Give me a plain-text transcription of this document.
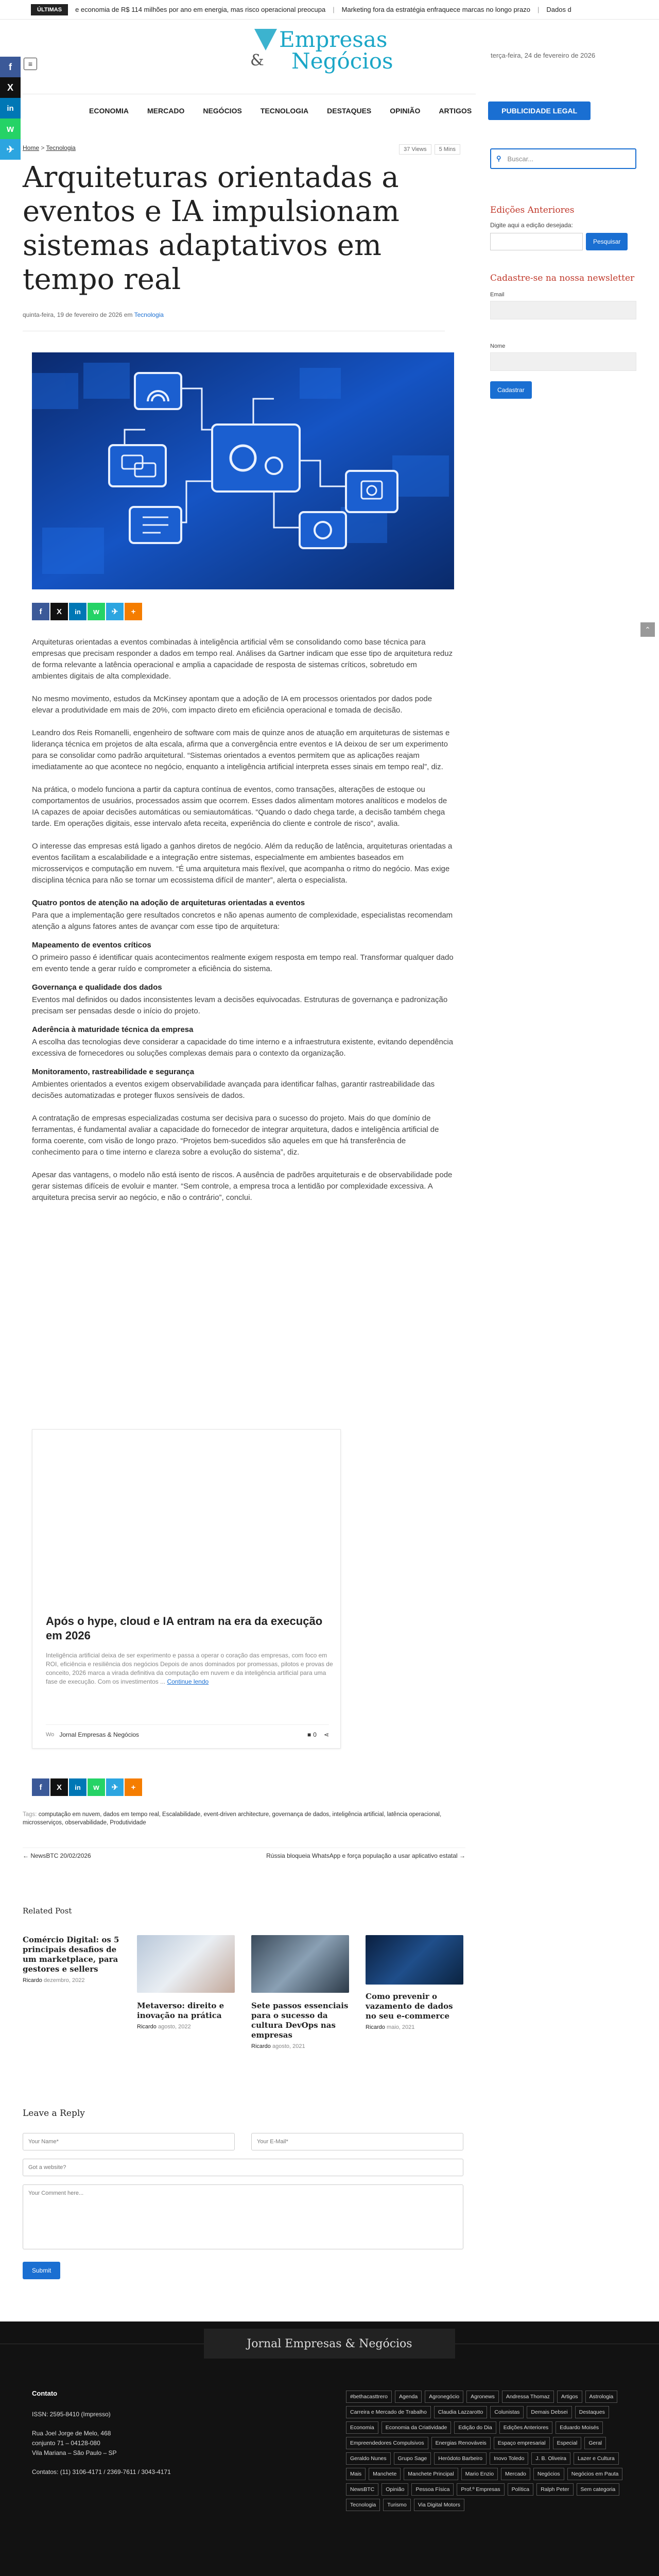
ÚLTIMAS	e economia de R$ 114 milhões por ano em energia, mas risco operacional preocupa | Marketing fora da estratégia enfraquece marcas no longo prazo | Dados d
f
X
in
w
✈
≡
Empresas
& Negócios	terça-feira, 24 de fevereiro de 2026
ECONOMIA	MERCADO	NEGÓCIOS	TECNOLOGIA	DESTAQUES	OPINIÃO	ARTIGOS	PUBLICIDADE LEGAL
Home > Tecnologia	37 Views	5 Mins
Arquiteturas orientadas a eventos e IA impulsionam sistemas adaptativos em tempo real
quinta-feira, 19 de fevereiro de 2026 em Tecnologia
f	X	in	w	✈	+

Arquiteturas orientadas a eventos combinadas à inteligência artificial vêm se consolidando como base técnica para empresas que precisam responder a dados em tempo real. Análises da Gartner indicam que esse tipo de arquitetura reduz de forma relevante a latência operacional e amplia a capacidade de resposta de sistemas críticos, sobretudo em ambientes digitais de alta complexidade.

No mesmo movimento, estudos da McKinsey apontam que a adoção de IA em processos orientados por dados pode elevar a produtividade em mais de 20%, com impacto direto em eficiência operacional e tomada de decisão.

Leandro dos Reis Romanelli, engenheiro de software com mais de quinze anos de atuação em arquiteturas de sistemas e liderança técnica em projetos de alta escala, afirma que a convergência entre eventos e IA deixou de ser um experimento para se consolidar como padrão arquitetural. “Sistemas orientados a eventos permitem que as aplicações reajam imediatamente ao que acontece no negócio, enquanto a inteligência artificial interpreta esses sinais em tempo real”, diz.

Na prática, o modelo funciona a partir da captura contínua de eventos, como transações, alterações de estoque ou comportamentos de usuários, processados assim que ocorrem. Esses dados alimentam motores analíticos e modelos de IA capazes de apoiar decisões automáticas ou semiautomáticas. “Quando o dado chega tarde, a decisão também chega tarde. Em operações digitais, esse intervalo afeta receita, experiência do cliente e controle de risco”, avalia.

O interesse das empresas está ligado a ganhos diretos de negócio. Além da redução de latência, arquiteturas orientadas a eventos facilitam a escalabilidade e a integração entre sistemas, especialmente em ambientes baseados em microsserviços e computação em nuvem. “É uma arquitetura mais flexível, que acompanha o ritmo do negócio. Mas exige disciplina técnica para não se tornar um ecossistema difícil de manter”, alerta o especialista.

Quatro pontos de atenção na adoção de arquiteturas orientadas a eventos

Para que a implementação gere resultados concretos e não apenas aumento de complexidade, especialistas recomendam atenção a alguns fatores antes de avançar com esse tipo de arquitetura:

Mapeamento de eventos críticos

O primeiro passo é identificar quais acontecimentos realmente exigem resposta em tempo real. Transformar qualquer dado em evento tende a gerar ruído e comprometer a eficiência do sistema.

Governança e qualidade dos dados

Eventos mal definidos ou dados inconsistentes levam a decisões equivocadas. Estruturas de governança e padronização precisam ser pensadas desde o início do projeto.

Aderência à maturidade técnica da empresa

A escolha das tecnologias deve considerar a capacidade do time interno e a infraestrutura existente, evitando dependência excessiva de fornecedores ou soluções complexas demais para o contexto da organização.

Monitoramento, rastreabilidade e segurança

Ambientes orientados a eventos exigem observabilidade avançada para identificar falhas, garantir rastreabilidade das decisões automatizadas e proteger fluxos sensíveis de dados.

A contratação de empresas especializadas costuma ser decisiva para o sucesso do projeto. Mais do que domínio de ferramentas, é fundamental avaliar a capacidade do fornecedor de integrar arquitetura, dados e inteligência artificial de forma coerente, com visão de longo prazo. “Projetos bem-sucedidos são aqueles em que há transferência de conhecimento para o time interno e clareza sobre a evolução do sistema”, diz.

Apesar das vantagens, o modelo não está isento de riscos. A ausência de padrões arquiteturais e de observabilidade pode gerar sistemas difíceis de evoluir e manter. “Sem controle, a empresa troca a lentidão por complexidade excessiva. A arquitetura precisa servir ao negócio, e não o contrário”, conclui.

Após o hype, cloud e IA entram na era da execução em 2026
Inteligência artificial deixa de ser experimento e passa a operar o coração das empresas, com foco em ROI, eficiência e resiliência dos negócios Depois de anos dominados por promessas, pilotos e provas de conceito, 2026 marca a virada definitiva da computação em nuvem e da inteligência artificial para uma fase de execução. Com os investimentos ... Continue lendo
Wo Jornal Empresas & Negócios	■ 0 ⋖
f	X	in	w	✈	+
Tags: computação em nuvem, dados em tempo real, Escalabilidade, event-driven architecture, governança de dados, inteligência artificial, latência operacional, microsserviços, observabilidade, Produtividade
← NewsBTC 20/02/2026	Rússia bloqueia WhatsApp e força população a usar aplicativo estatal →
Related Post
Comércio Digital: os 5 principais desafios de um marketplace, para gestores e sellers
Ricardo dezembro, 2022
Metaverso: direito e inovação na prática
Ricardo agosto, 2022
Sete passos essenciais para o sucesso da cultura DevOps nas empresas
Ricardo agosto, 2021
Como prevenir o vazamento de dados no seu e-commerce
Ricardo maio, 2021
Leave a Reply
Your Name*	Your E-Mail*
Got a website?
Your Comment here...
Submit
⚲ Buscar...
Edições Anteriores
Digite aqui a edição desejada:
Pesquisar
Cadastre-se na nossa newsletter
Email
Nome
Cadastrar
⌃
Jornal Empresas & Negócios
Contato

ISSN: 2595-8410 (Impresso)

Rua Joel Jorge de Melo, 468
conjunto 71 – 04128-080
Vila Mariana – São Paulo – SP

Contatos: (11) 3106-4171 / 2369-7611 / 3043-4171

#bethacasttrero	Agenda	Agronegócio	Agronews	Andressa Thomaz	Artigos	Astrologia
Carreira e Mercado de Trabalho	Claudia Lazzarotto	Colunistas	Demais Debsei	Destaques
Economia	Economia da Criatividade	Edição do Dia	Edições Anteriores	Eduardo Moisés
Empreendedores Compulsivos	Energias Renováveis	Espaço empresarial	Especial	Geral
Geraldo Nunes	Grupo Sage	Heródoto Barbeiro	Inovo Toledo	J. B. Oliveira	Lazer e Cultura
Mais	Manchete	Manchete Principal	Mario Enzio	Mercado	Negócios	Negócios em Pauta
NewsBTC	Opinião	Pessoa Física	Prof.º Empresas	Política	Ralph Peter	Sem categoria
Tecnologia	Turismo	Via Digital Motors
